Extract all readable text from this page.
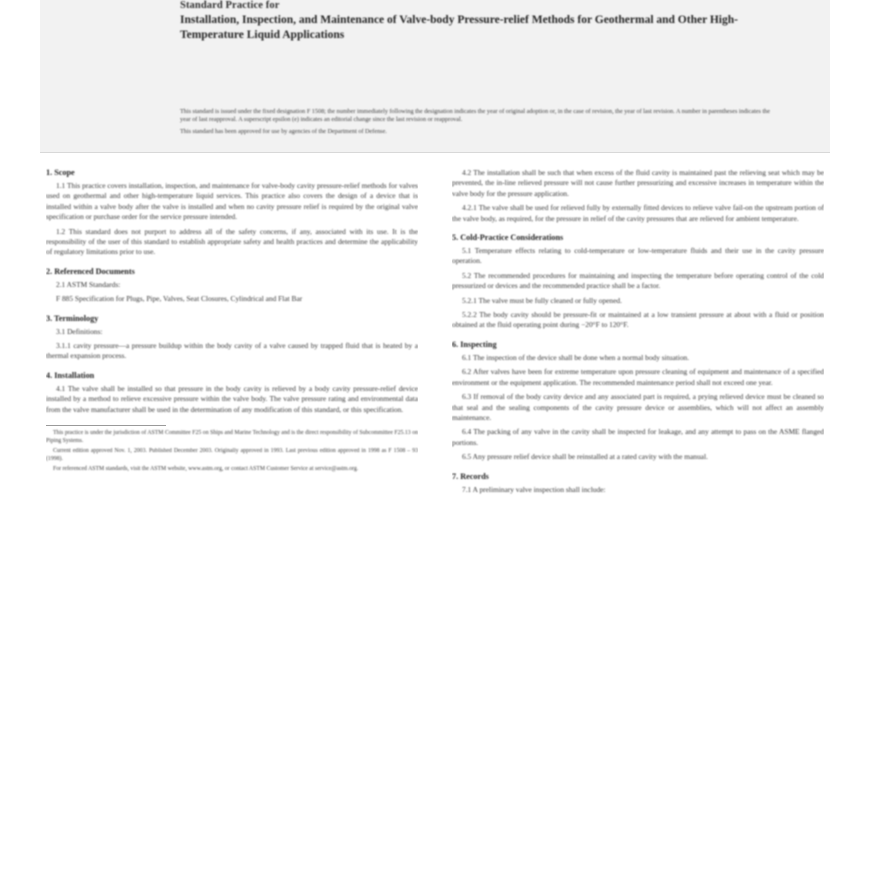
Standard Practice for
Installation, Inspection, and Maintenance of Valve-body Pressure-relief Methods for Geothermal and Other High-Temperature Liquid Applications

This standard is issued under the fixed designation F 1508; the number immediately following the designation indicates the year of original adoption or, in the case of revision, the year of last revision. A number in parentheses indicates the year of last reapproval. A superscript epsilon (e) indicates an editorial change since the last revision or reapproval.

This standard has been approved for use by agencies of the Department of Defense.

1. Scope

1.1 This practice covers installation, inspection, and maintenance for valve-body cavity pressure-relief methods for valves used on geothermal and other high-temperature liquid services. This practice also covers the design of a device that is installed within a valve body after the valve is installed and when no cavity pressure relief is required by the original valve specification or purchase order for the service pressure intended.

1.2 This standard does not purport to address all of the safety concerns, if any, associated with its use. It is the responsibility of the user of this standard to establish appropriate safety and health practices and determine the applicability of regulatory limitations prior to use.

2. Referenced Documents

2.1 ASTM Standards:

F 885 Specification for Plugs, Pipe, Valves, Seat Closures, Cylindrical and Flat Bar

3. Terminology

3.1 Definitions:

3.1.1 cavity pressure—a pressure buildup within the body cavity of a valve caused by trapped fluid that is heated by a thermal expansion process.

4. Installation

4.1 The valve shall be installed so that pressure in the body cavity is relieved by a body cavity pressure-relief device installed by a method to relieve excessive pressure within the valve body. The valve pressure rating and environmental data from the valve manufacturer shall be used in the determination of any modification of this standard, or this specification.

This practice is under the jurisdiction of ASTM Committee F25 on Ships and Marine Technology and is the direct responsibility of Subcommittee F25.13 on Piping Systems.

Current edition approved Nov. 1, 2003. Published December 2003. Originally approved in 1993. Last previous edition approved in 1998 as F 1508 – 93 (1998).

For referenced ASTM standards, visit the ASTM website, www.astm.org, or contact ASTM Customer Service at service@astm.org.

4.2 The installation shall be such that when excess of the fluid cavity is maintained past the relieving seat which may be prevented, the in-line relieved pressure will not cause further pressurizing and excessive increases in temperature within the valve body for the pressure application.

4.2.1 The valve shall be used for relieved fully by externally fitted devices to relieve valve fail-on the upstream portion of the valve body, as required, for the pressure in relief of the cavity pressures that are relieved for ambient temperature.

5. Cold-Practice Considerations

5.1 Temperature effects relating to cold-temperature or low-temperature fluids and their use in the cavity pressure operation.

5.2 The recommended procedures for maintaining and inspecting the temperature before operating control of the cold pressurized or devices and the recommended practice shall be a factor.

5.2.1 The valve must be fully cleaned or fully opened.

5.2.2 The body cavity should be pressure-fit or maintained at a low transient pressure at about with a fluid or position obtained at the fluid operating point during −20°F to 120°F.

6. Inspecting

6.1 The inspection of the device shall be done when a normal body situation.

6.2 After valves have been for extreme temperature upon pressure cleaning of equipment and maintenance of a specified environment or the equipment application. The recommended maintenance period shall not exceed one year.

6.3 If removal of the body cavity device and any associated part is required, a prying relieved device must be cleaned so that seal and the sealing components of the cavity pressure device or assemblies, which will not affect an assembly maintenance.

6.4 The packing of any valve in the cavity shall be inspected for leakage, and any attempt to pass on the ASME flanged portions.

6.5 Any pressure relief device shall be reinstalled at a rated cavity with the manual.

7. Records

7.1 A preliminary valve inspection shall include:
